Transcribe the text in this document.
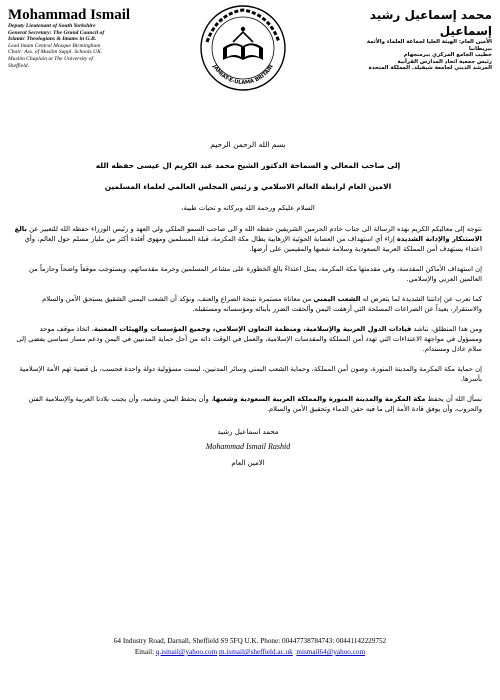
Mohammad Ismail
Deputy Lieutenant of South Yorkshire
General Secretary: The Grand Council of
Islamic Theologians & Imams in G.B.
Lead Imam Central Mosque Birmingham
Chair: Ass. of Muslim Suppl. Schools UK.
Muslim Chaplain at The University of
Sheffield.	JAMIAT-E-ULAMA BRITAIN
محمد إسماعيل رشيد إسماعيل
الأمين العام: الهيئة العليا لجماعة العلماء والأئمة ببريطانيا
خطيب الجامع المركزي ببرمنجهام
رئيس جمعية اتحاد المدارس القرآنية
المرشد الديني لجامعة شيفيلد. المملكة المتحدة
بسم الله الرحمن الرحيم
إلى صاحب المعالي و السماحة الدكتور الشيخ محمد عبد الكريم ال عيسى حفظه الله
الامين العام لرابطة العالم الاسلامي و رئيس المجلس العالمي لعلماء المسلمين
السلام عليكم ورحمة الله وبركاته و تحيات طيبة،

نتوجه إلى معاليكم الكريم بهذه الرسالة الى جناب خادم الحرمين الشريفين حفظه الله و الى صاحب السمو الملكي ولي العهد و رئيس الوزراء حفظه الله للتعبير عن بالغ الاستنكار والإدانة الشديدة إزاء أي استهداف من العصابة الحوثية الإرهابية يطال مكة المكرمة، قبلة المسلمين ومهوى أفئدة أكثر من مليار مسلم حول العالم، وأي اعتداء يستهدف أمن المملكة العربية السعودية وسلامة شعبها والمقيمين على أرضها.

إن استهداف الأماكن المقدسة، وفي مقدمتها مكة المكرمة، يمثل اعتداءً بالغ الخطورة على مشاعر المسلمين وحرمة مقدساتهم، ويستوجب موقفاً واضحاً وحازماً من العالمين العربي والإسلامي.

كما نعرب عن إدانتنا الشديدة لما يتعرض له الشعب اليمني من معاناة مستمرة نتيجة الصراع والعنف، ونؤكد أن الشعب اليمني الشقيق يستحق الأمن والسلام والاستقرار، بعيداً عن الصراعات المسلحة التي أرهقت اليمن وألحقت الضرر بأبنائه ومؤسساته ومستقبله.

ومن هذا المنطلق، نناشد قيادات الدول العربية والإسلامية، ومنظمة التعاون الإسلامي، وجميع المؤسسات والهيئات المعنية، اتخاذ موقف موحد ومسؤول في مواجهة الاعتداءات التي تهدد أمن المملكة والمقدسات الإسلامية، والعمل في الوقت ذاته من أجل حماية المدنيين في اليمن ودعم مسار سياسي يفضي إلى سلام عادل ومستدام.

إن حماية مكة المكرمة والمدينة المنورة، وصون أمن المملكة، وحماية الشعب اليمني وسائر المدنيين، ليست مسؤولية دولة واحدة فحسب، بل قضية تهم الأمة الإسلامية بأسرها.

نسأل الله أن يحفظ مكة المكرمة والمدينة المنورة والمملكة العربية السعودية وشعبها، وأن يحفظ اليمن وشعبه، وأن يجنب بلادنا العربية والإسلامية الفتن والحروب، وأن يوفق قادة الأمة إلى ما فيه حقن الدماء وتحقيق الأمن والسلام.

محمد اسماعيل رشيد
Mohammad Ismail Rashid
الامين العام
64 Industry Road, Darnall, Sheffield S9 5FQ U.K. Phone: 00447738784743: 00441142229752
Email: q.ismail@yahoo.com m.ismail@sheffield.ac.uk mismail64@yahoo.com
